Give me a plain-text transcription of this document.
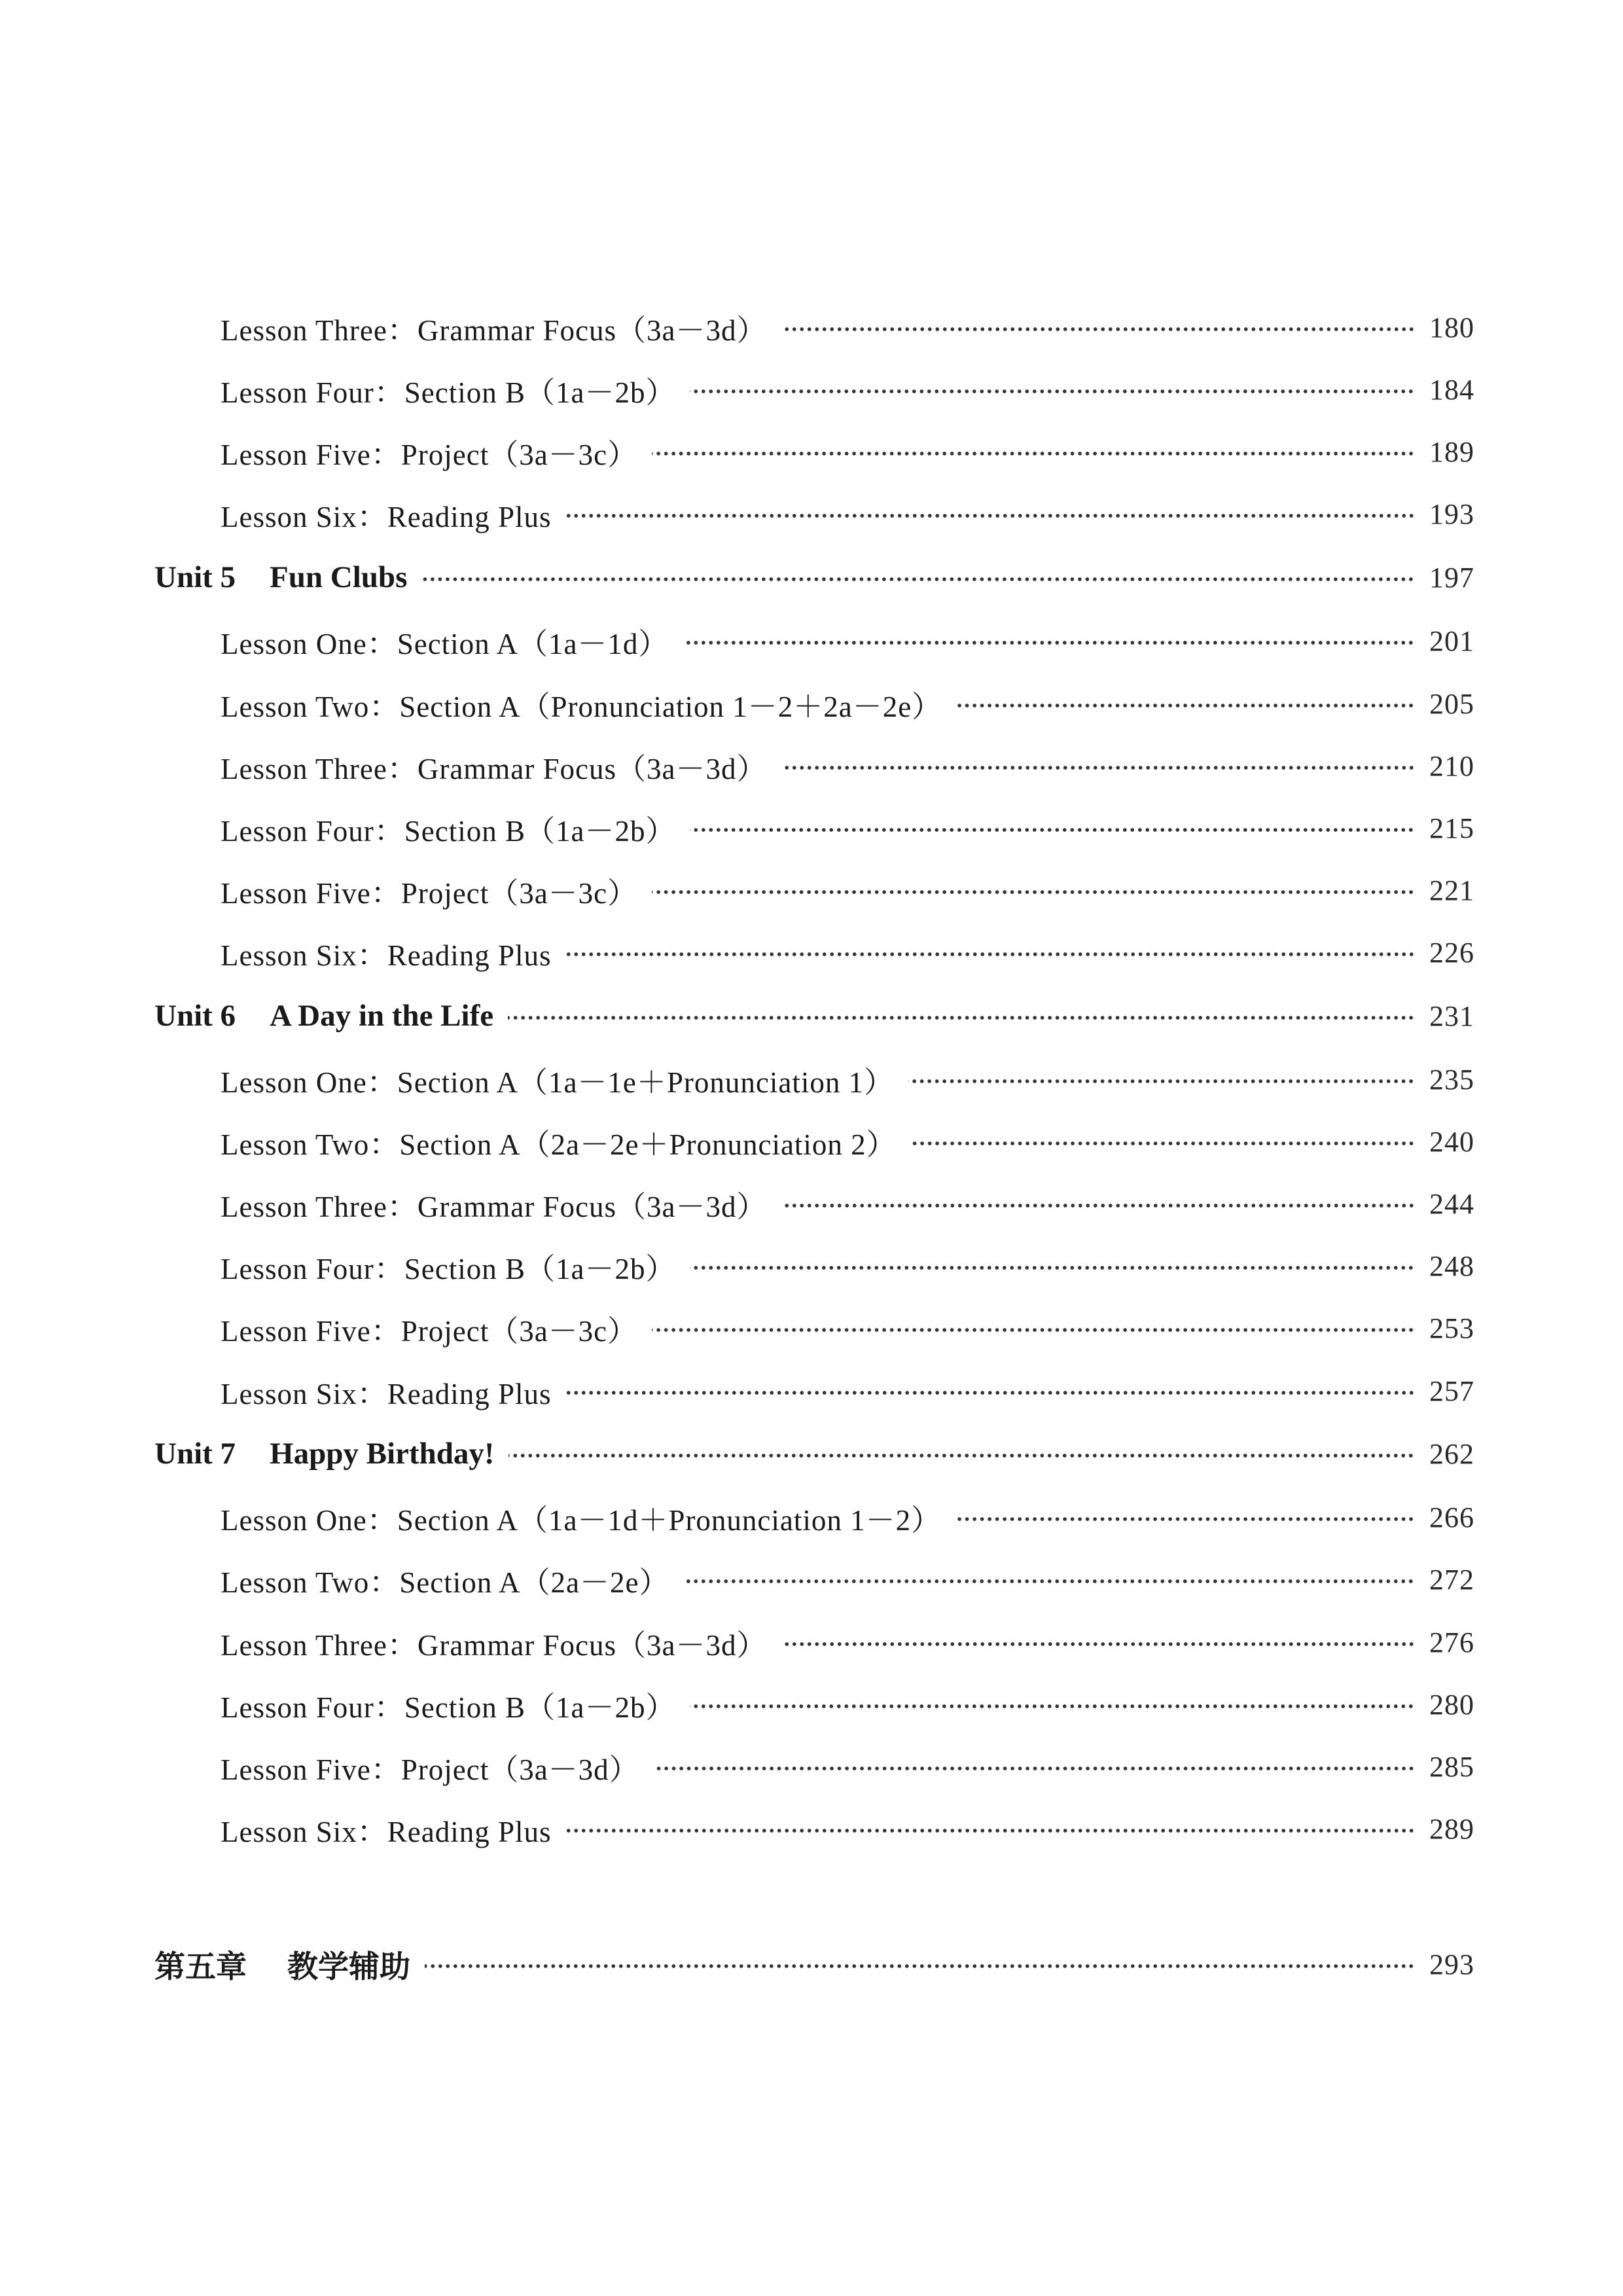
Lesson Three：Grammar Focus（3a－3d）	180
Lesson Four：Section B（1a－2b）	184
Lesson Five：Project（3a－3c）	189
Lesson Six：Reading Plus	193
Unit 5 Fun Clubs	197
Lesson One：Section A（1a－1d）	201
Lesson Two：Section A（Pronunciation 1－2＋2a－2e）	205
Lesson Three：Grammar Focus（3a－3d）	210
Lesson Four：Section B（1a－2b）	215
Lesson Five：Project（3a－3c）	221
Lesson Six：Reading Plus	226
Unit 6 A Day in the Life	231
Lesson One：Section A（1a－1e＋Pronunciation 1）	235
Lesson Two：Section A（2a－2e＋Pronunciation 2）	240
Lesson Three：Grammar Focus（3a－3d）	244
Lesson Four：Section B（1a－2b）	248
Lesson Five：Project（3a－3c）	253
Lesson Six：Reading Plus	257
Unit 7 Happy Birthday!	262
Lesson One：Section A（1a－1d＋Pronunciation 1－2）	266
Lesson Two：Section A（2a－2e）	272
Lesson Three：Grammar Focus（3a－3d）	276
Lesson Four：Section B（1a－2b）	280
Lesson Five：Project（3a－3d）	285
Lesson Six：Reading Plus	289
第五章 教学辅助	293
